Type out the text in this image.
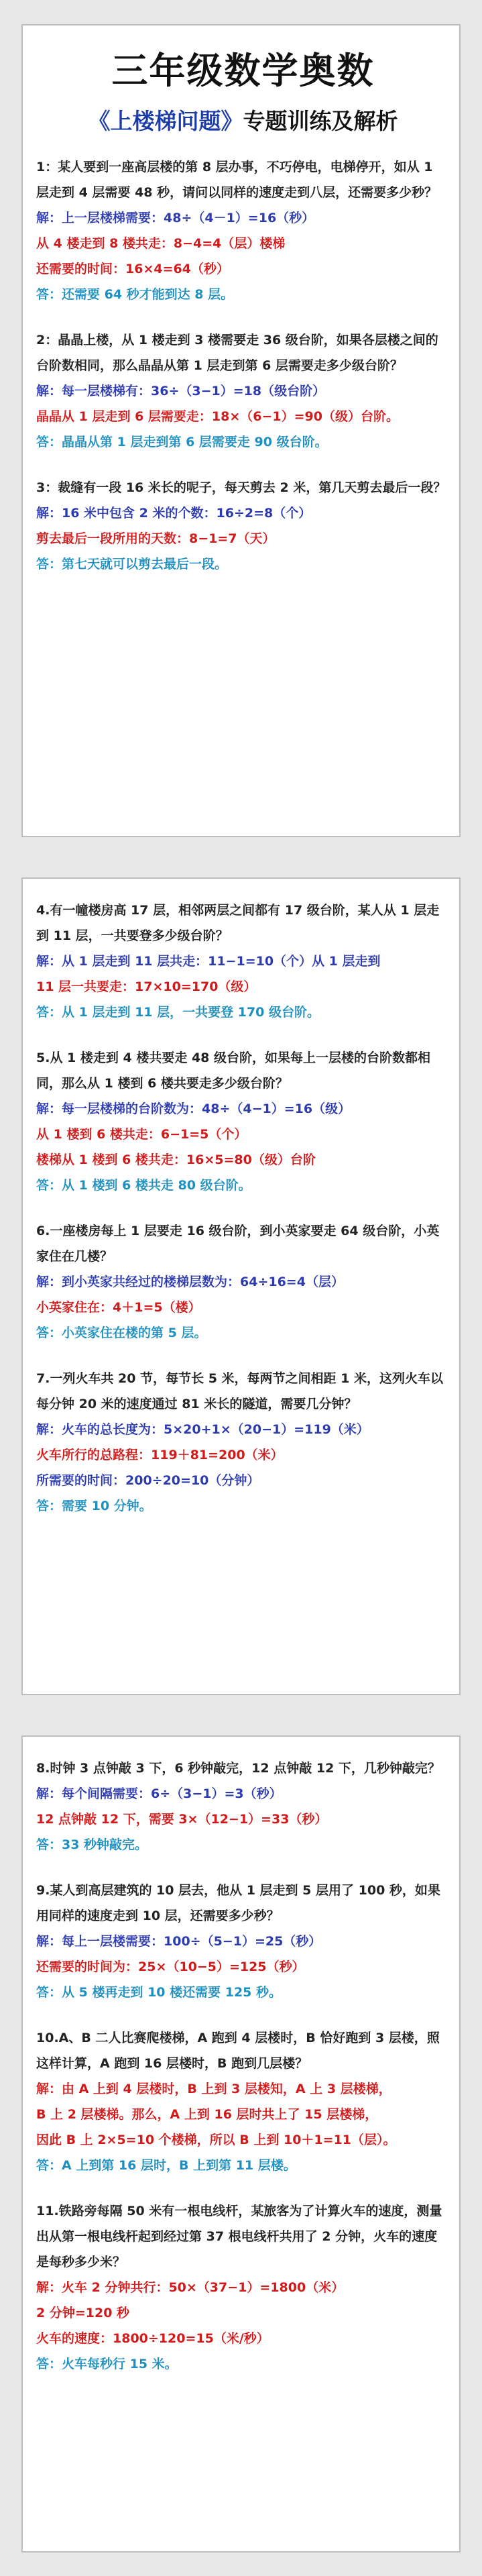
三年级数学奥数
《上楼梯问题》专题训练及解析

1：某人要到一座高层楼的第 8 层办事，不巧停电，电梯停开，如从 1 层走到 4 层需要 48 秒，请问以同样的速度走到八层，还需要多少秒？

解：上一层楼梯需要：48÷（4－1）=16（秒）

从 4 楼走到 8 楼共走：8−4=4（层）楼梯

还需要的时间：16×4=64（秒）

答：还需要 64 秒才能到达 8 层。

2：晶晶上楼，从 1 楼走到 3 楼需要走 36 级台阶，如果各层楼之间的台阶数相同，那么晶晶从第 1 层走到第 6 层需要走多少级台阶？

解：每一层楼梯有：36÷（3−1）=18（级台阶）

晶晶从 1 层走到 6 层需要走：18×（6−1）=90（级）台阶。

答：晶晶从第 1 层走到第 6 层需要走 90 级台阶。

3：裁缝有一段 16 米长的呢子，每天剪去 2 米，第几天剪去最后一段？

解：16 米中包含 2 米的个数：16÷2=8（个）

剪去最后一段所用的天数：8−1=7（天）

答：第七天就可以剪去最后一段。

4.有一幢楼房高 17 层，相邻两层之间都有 17 级台阶，某人从 1 层走到 11 层，一共要登多少级台阶？

解：从 1 层走到 11 层共走：11−1=10（个）从 1 层走到

11 层一共要走：17×10=170（级）

答：从 1 层走到 11 层，一共要登 170 级台阶。

5.从 1 楼走到 4 楼共要走 48 级台阶，如果每上一层楼的台阶数都相同，那么从 1 楼到 6 楼共要走多少级台阶？

解：每一层楼梯的台阶数为：48÷（4−1）=16（级）

从 1 楼到 6 楼共走：6−1=5（个）

楼梯从 1 楼到 6 楼共走：16×5=80（级）台阶

答：从 1 楼到 6 楼共走 80 级台阶。

6.一座楼房每上 1 层要走 16 级台阶，到小英家要走 64 级台阶，小英家住在几楼？

解：到小英家共经过的楼梯层数为：64÷16=4（层）

小英家住在：4＋1=5（楼）

答：小英家住在楼的第 5 层。

7.一列火车共 20 节，每节长 5 米，每两节之间相距 1 米，这列火车以每分钟 20 米的速度通过 81 米长的隧道，需要几分钟？

解：火车的总长度为：5×20+1×（20−1）=119（米）

火车所行的总路程：119＋81=200（米）

所需要的时间：200÷20=10（分钟）

答：需要 10 分钟。

8.时钟 3 点钟敲 3 下，6 秒钟敲完，12 点钟敲 12 下，几秒钟敲完？

解：每个间隔需要：6÷（3−1）=3（秒）

12 点钟敲 12 下，需要 3×（12−1）=33（秒）

答：33 秒钟敲完。

9.某人到高层建筑的 10 层去，他从 1 层走到 5 层用了 100 秒，如果用同样的速度走到 10 层，还需要多少秒？

解：每上一层楼需要：100÷（5−1）=25（秒）

还需要的时间为：25×（10−5）=125（秒）

答：从 5 楼再走到 10 楼还需要 125 秒。

10.A、B 二人比赛爬楼梯，A 跑到 4 层楼时，B 恰好跑到 3 层楼，照这样计算，A 跑到 16 层楼时，B 跑到几层楼？

解：由 A 上到 4 层楼时，B 上到 3 层楼知，A 上 3 层楼梯，

B 上 2 层楼梯。那么，A 上到 16 层时共上了 15 层楼梯，

因此 B 上 2×5=10 个楼梯，所以 B 上到 10＋1=11（层）。

答：A 上到第 16 层时，B 上到第 11 层楼。

11.铁路旁每隔 50 米有一根电线杆，某旅客为了计算火车的速度，测量出从第一根电线杆起到经过第 37 根电线杆共用了 2 分钟，火车的速度是每秒多少米？

解：火车 2 分钟共行：50×（37−1）=1800（米）

2 分钟=120 秒

火车的速度：1800÷120=15（米/秒）

答：火车每秒行 15 米。
